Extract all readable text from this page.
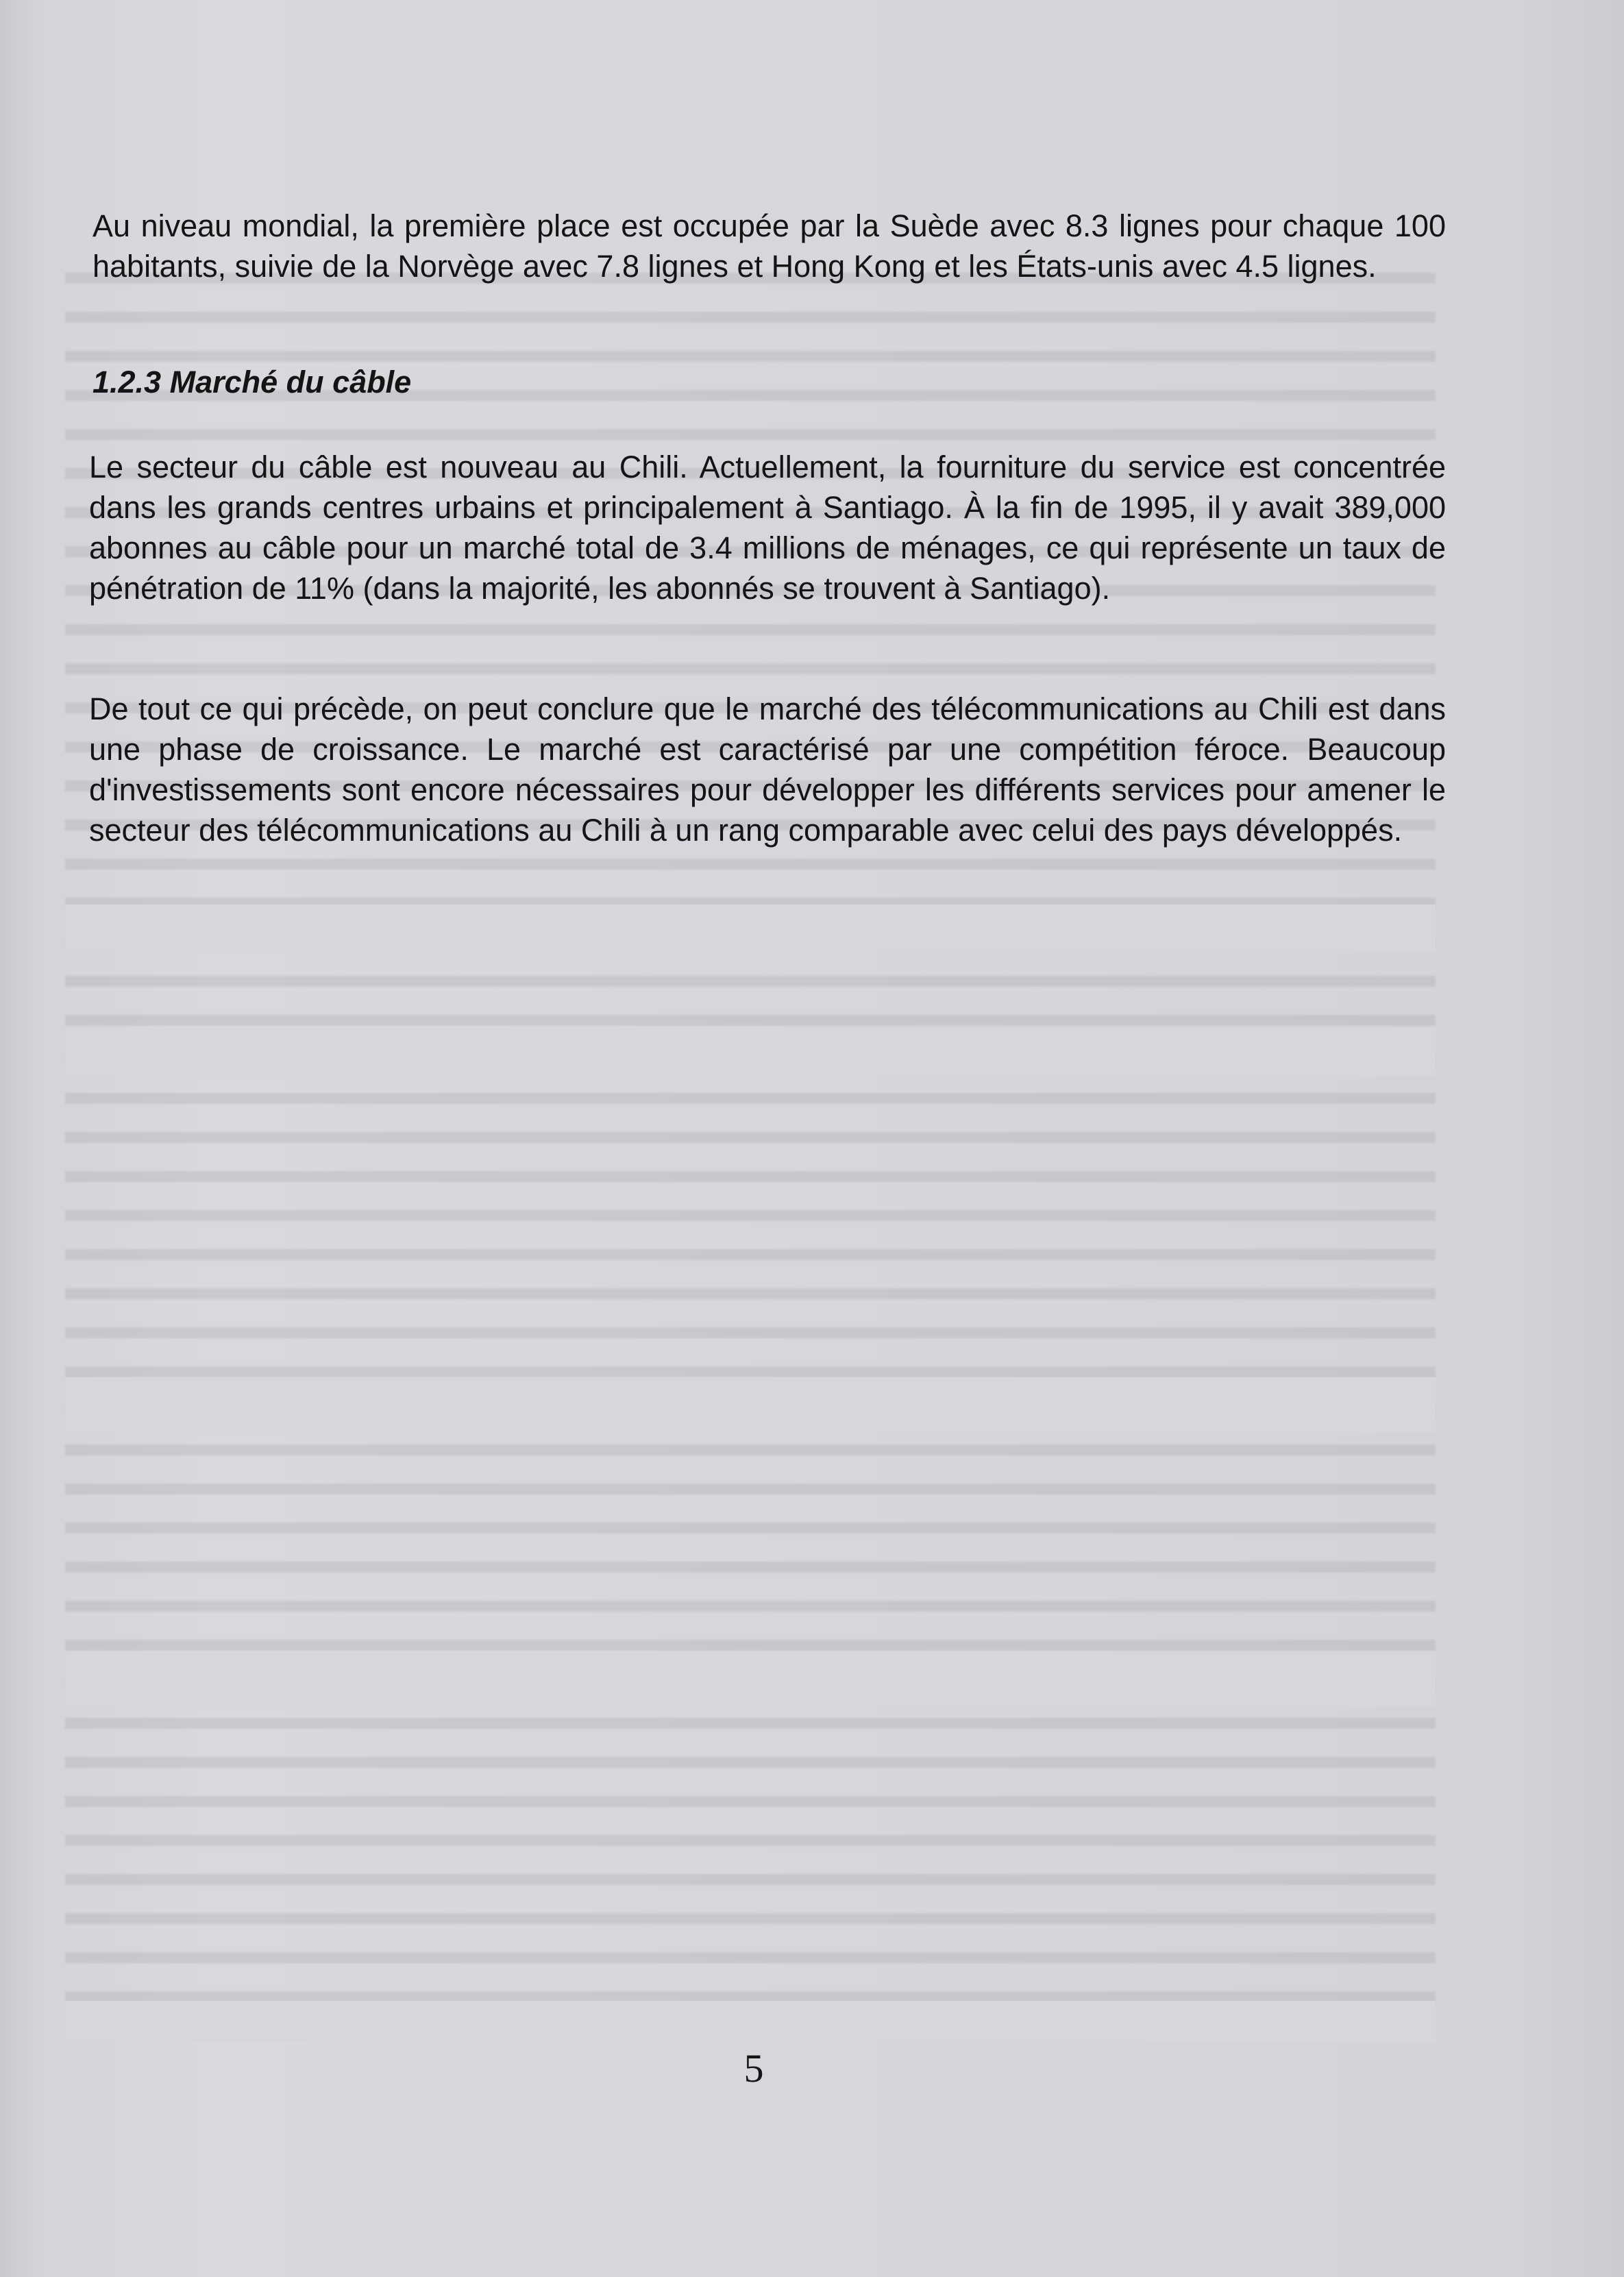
Au niveau mondial, la première place est occupée par la Suède avec 8.3 lignes pour chaque 100 habitants, suivie de la Norvège avec 7.8 lignes et Hong Kong et les États-unis avec 4.5 lignes.

1.2.3 Marché du câble

Le secteur du câble est nouveau au Chili. Actuellement, la fourniture du service est concentrée dans les grands centres urbains et principalement à Santiago. À la fin de 1995, il y avait 389,000 abonnes au câble pour un marché total de 3.4 millions de ménages, ce qui représente un taux de pénétration de 11% (dans la majorité, les abonnés se trouvent à Santiago).

De tout ce qui précède, on peut conclure que le marché des télécommunications au Chili est dans une phase de croissance. Le marché est caractérisé par une compétition féroce. Beaucoup d'investissements sont encore nécessaires pour développer les différents services pour amener le secteur des télécommunications au Chili à un rang comparable avec celui des pays développés.

5
